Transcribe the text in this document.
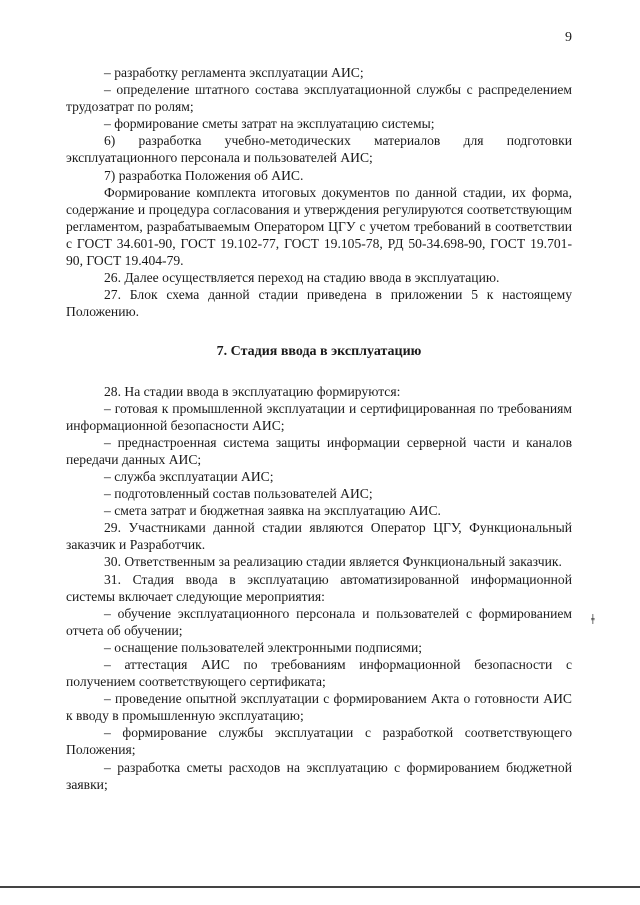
9

– разработку регламента эксплуатации АИС;

– определение штатного состава эксплуатационной службы с распределением трудозатрат по ролям;

– формирование сметы затрат на эксплуатацию системы;

6) разработка учебно-методических материалов для подготовки эксплуатационного персонала и пользователей АИС;

7) разработка Положения об АИС.

Формирование комплекта итоговых документов по данной стадии, их форма, содержание и процедура согласования и утверждения регулируются соответствующим регламентом, разрабатываемым Оператором ЦГУ с учетом требований в соответствии с ГОСТ 34.601-90, ГОСТ 19.102-77, ГОСТ 19.105-78, РД 50-34.698-90, ГОСТ 19.701-90, ГОСТ 19.404-79.

26. Далее осуществляется переход на стадию ввода в эксплуатацию.

27. Блок схема данной стадии приведена в приложении 5 к настоящему Положению.

7. Стадия ввода в эксплуатацию

28. На стадии ввода в эксплуатацию формируются:

– готовая к промышленной эксплуатации и сертифицированная по требованиям информационной безопасности АИС;

– преднастроенная система защиты информации серверной части и каналов передачи данных АИС;

– служба эксплуатации АИС;

– подготовленный состав пользователей АИС;

– смета затрат и бюджетная заявка на эксплуатацию АИС.

29. Участниками данной стадии являются Оператор ЦГУ, Функциональный заказчик и Разработчик.

30. Ответственным за реализацию стадии является Функциональный заказчик.

31. Стадия ввода в эксплуатацию автоматизированной информационной системы включает следующие мероприятия:

– обучение эксплуатационного персонала и пользователей с формированием отчета об обучении;

– оснащение пользователей электронными подписями;

– аттестация АИС по требованиям информационной безопасности с получением соответствующего сертификата;

– проведение опытной эксплуатации с формированием Акта о готовности АИС к вводу в промышленную эксплуатацию;

– формирование службы эксплуатации с разработкой соответствующего Положения;

– разработка сметы расходов на эксплуатацию с формированием бюджетной заявки;

ǂ
